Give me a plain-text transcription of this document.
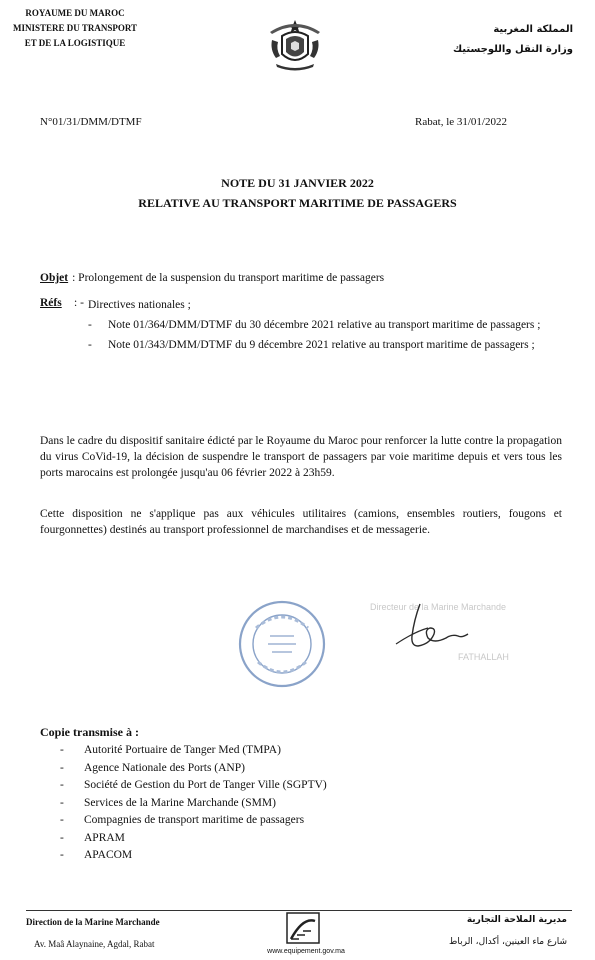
ROYAUME DU MAROC
MINISTERE DU TRANSPORT
ET DE LA LOGISTIQUE
المملكة المغربية
وزارة النقل واللوجستيك
N°01/31/DMM/DTMF	Rabat, le 31/01/2022
NOTE DU 31 JANVIER 2022
RELATIVE AU TRANSPORT MARITIME DE PASSAGERS
Objet : Prolongement de la suspension du transport maritime de passagers
Réfs : - Directives nationales ;
- Note 01/364/DMM/DTMF du 30 décembre 2021 relative au transport maritime de passagers ;
- Note 01/343/DMM/DTMF du 9 décembre 2021 relative au transport maritime de passagers ;
Dans le cadre du dispositif sanitaire édicté par le Royaume du Maroc pour renforcer la lutte contre la propagation du virus CoVid-19, la décision de suspendre le transport de passagers par voie maritime depuis et vers tous les ports marocains est prolongée jusqu'au 06 février 2022 à 23h59.
Cette disposition ne s'applique pas aux véhicules utilitaires (camions, ensembles routiers, fougons et fourgonnettes) destinés au transport professionnel de marchandises et de messagerie.
Directeur de la Marine Marchande
FATHALLAH
Copie transmise à :
- Autorité Portuaire de Tanger Med (TMPA)
- Agence Nationale des Ports (ANP)
- Société de Gestion du Port de Tanger Ville (SGPTV)
- Services de la Marine Marchande (SMM)
- Compagnies de transport maritime de passagers
- APRAM
- APACOM
Direction de la Marine Marchande
Av. Maâ Alaynaine, Agdal, Rabat
www.equipement.gov.ma
مديرية الملاحة التجارية
شارع ماء العينين، أكدال، الرباط
